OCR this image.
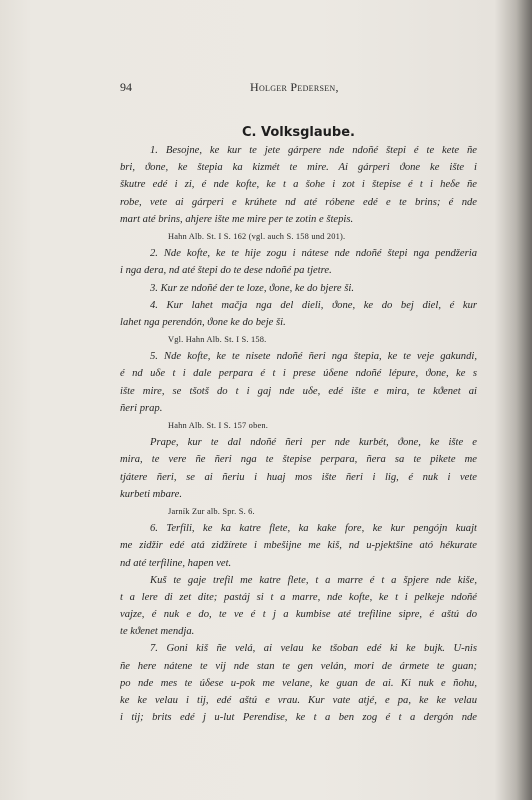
94	Holger Pedersen,
C. Volksglaube.
1. Besojne, ke kur te jete gárpere nde ndoñé štepi é te kete ñe
bri, ϑone, ke štepia ka kizmét te mire. Ai gárperi ϑone ke ište i
škutre edé i zi, é nde kofte, ke t a šohe i zot i štepise é t i heδe ñe
robe, vete ai gárperi e krúhete nd até róbene edé e te brins; é nde
mart até brins, ahjere ište me mire per te zotin e štepis.
Hahn Alb. St. I S. 162 (vgl. auch S. 158 und 201).
2. Nde kofte, ke te hije zogu i nátese nde ndoñé štepi nga pendžeria
i nga dera, nd até štepi do te dese ndoñé pa tjetre.
3. Kur ze ndoñé der te loze, ϑone, ke do bjere ši.
4. Kur lahet mačja nga del dieli, ϑone, ke do bej diel, é kur
lahet nga perendón, ϑone ke do beje ši.
Vgl. Hahn Alb. St. I S. 158.
5. Nde kofte, ke te nisete ndoñé ñeri nga štepia, ke te veje gakundi,
é nd uδe t i dale perpara é t i prese úδene ndoñé lépure, ϑone, ke s
ište mire, se tšotš do t i gaj nde uδe, edé ište e mira, te kϑenet ai
ñeri prap.
Hahn Alb. St. I S. 157 oben.
Prape, kur te dal ndoñé ñeri per nde kurbét, ϑone, ke ište e
mira, te vere ñe ñeri nga te štepise perpara, ñera sa te pikete me
tjátere ñeri, se ai ñeriu i huaj mos ište ñeri i lig, é nuk i vete
kurbeti mbare.
Jarník Zur alb. Spr. S. 6.
6. Terfili, ke ka katre flete, ka kake fore, ke kur pengójn kuajt
me zidžir edé atá zidžírete i mbešijne me kiš, nd u-pjektšine ató hékurate
nd até terfiline, hapen vet.
Kuš te gaje trefil me katre flete, t a marre é t a špjere nde kiše,
t a lere di zet dite; pastáj si t a marre, nde kofte, ke t i pelkeje ndoñé
vajze, é nuk e do, te ve é t j a kumbise até trefiline sipre, é aštú do
te kϑenet mendja.
7. Goni kiš ñe velá, ai velau ke tšoban edé ki ke bujk. U-nis
ñe here nátene te vij nde stan te gen velán, mori de ármete te guan;
po nde mes te úδese u-pok me velane, ke guan de ai. Ki nuk e ñohu,
ke ke velau i tij, edé aštú e vrau. Kur vate atjé, e pa, ke ke velau
i tij; brits edé j u-lut Perendise, ke t a ben zog é t a dergón nde
